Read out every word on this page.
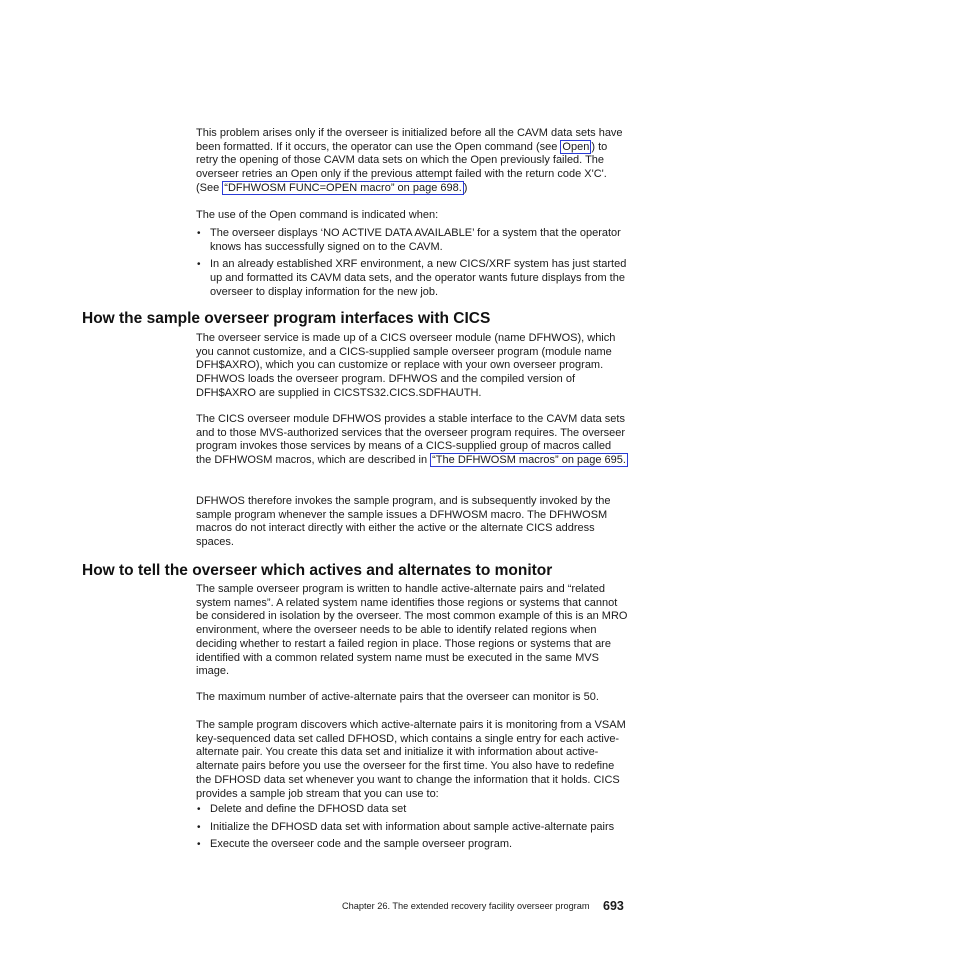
This problem arises only if the overseer is initialized before all the CAVM data sets have been formatted. If it occurs, the operator can use the Open command (see Open ) to retry the opening of those CAVM data sets on which the Open previously failed. The overseer retries an Open only if the previous attempt failed with the return code X'C'. (See “DFHWOSM FUNC=OPEN macro” on page 698. )

The use of the Open command is indicated when:
• The overseer displays ‘NO ACTIVE DATA AVAILABLE’ for a system that the operator knows has successfully signed on to the CAVM.
• In an already established XRF environment, a new CICS/XRF system has just started up and formatted its CAVM data sets, and the operator wants future displays from the overseer to display information for the new job.
How the sample overseer program interfaces with CICS
The overseer service is made up of a CICS overseer module (name DFHWOS), which you cannot customize, and a CICS-supplied sample overseer program (module name DFH$AXRO), which you can customize or replace with your own overseer program. DFHWOS loads the overseer program. DFHWOS and the compiled version of DFH$AXRO are supplied in CICSTS32.CICS.SDFHAUTH.

The CICS overseer module DFHWOS provides a stable interface to the CAVM data sets and to those MVS-authorized services that the overseer program requires. The overseer program invokes those services by means of a CICS-supplied group of macros called the DFHWOSM macros, which are described in “The DFHWOSM macros” on page 695.

DFHWOS therefore invokes the sample program, and is subsequently invoked by the sample program whenever the sample issues a DFHWOSM macro. The DFHWOSM macros do not interact directly with either the active or the alternate CICS address spaces.
How to tell the overseer which actives and alternates to monitor
The sample overseer program is written to handle active-alternate pairs and “related system names”. A related system name identifies those regions or systems that cannot be considered in isolation by the overseer. The most common example of this is an MRO environment, where the overseer needs to be able to identify related regions when deciding whether to restart a failed region in place. Those regions or systems that are identified with a common related system name must be executed in the same MVS image.
The maximum number of active-alternate pairs that the overseer can monitor is 50.
The sample program discovers which active-alternate pairs it is monitoring from a VSAM key-sequenced data set called DFHOSD, which contains a single entry for each active-alternate pair. You create this data set and initialize it with information about active-alternate pairs before you use the overseer for the first time. You also have to redefine the DFHOSD data set whenever you want to change the information that it holds. CICS provides a sample job stream that you can use to:
• Delete and define the DFHOSD data set
• Initialize the DFHOSD data set with information about sample active-alternate pairs
• Execute the overseer code and the sample overseer program.
Chapter 26. The extended recovery facility overseer program 693
